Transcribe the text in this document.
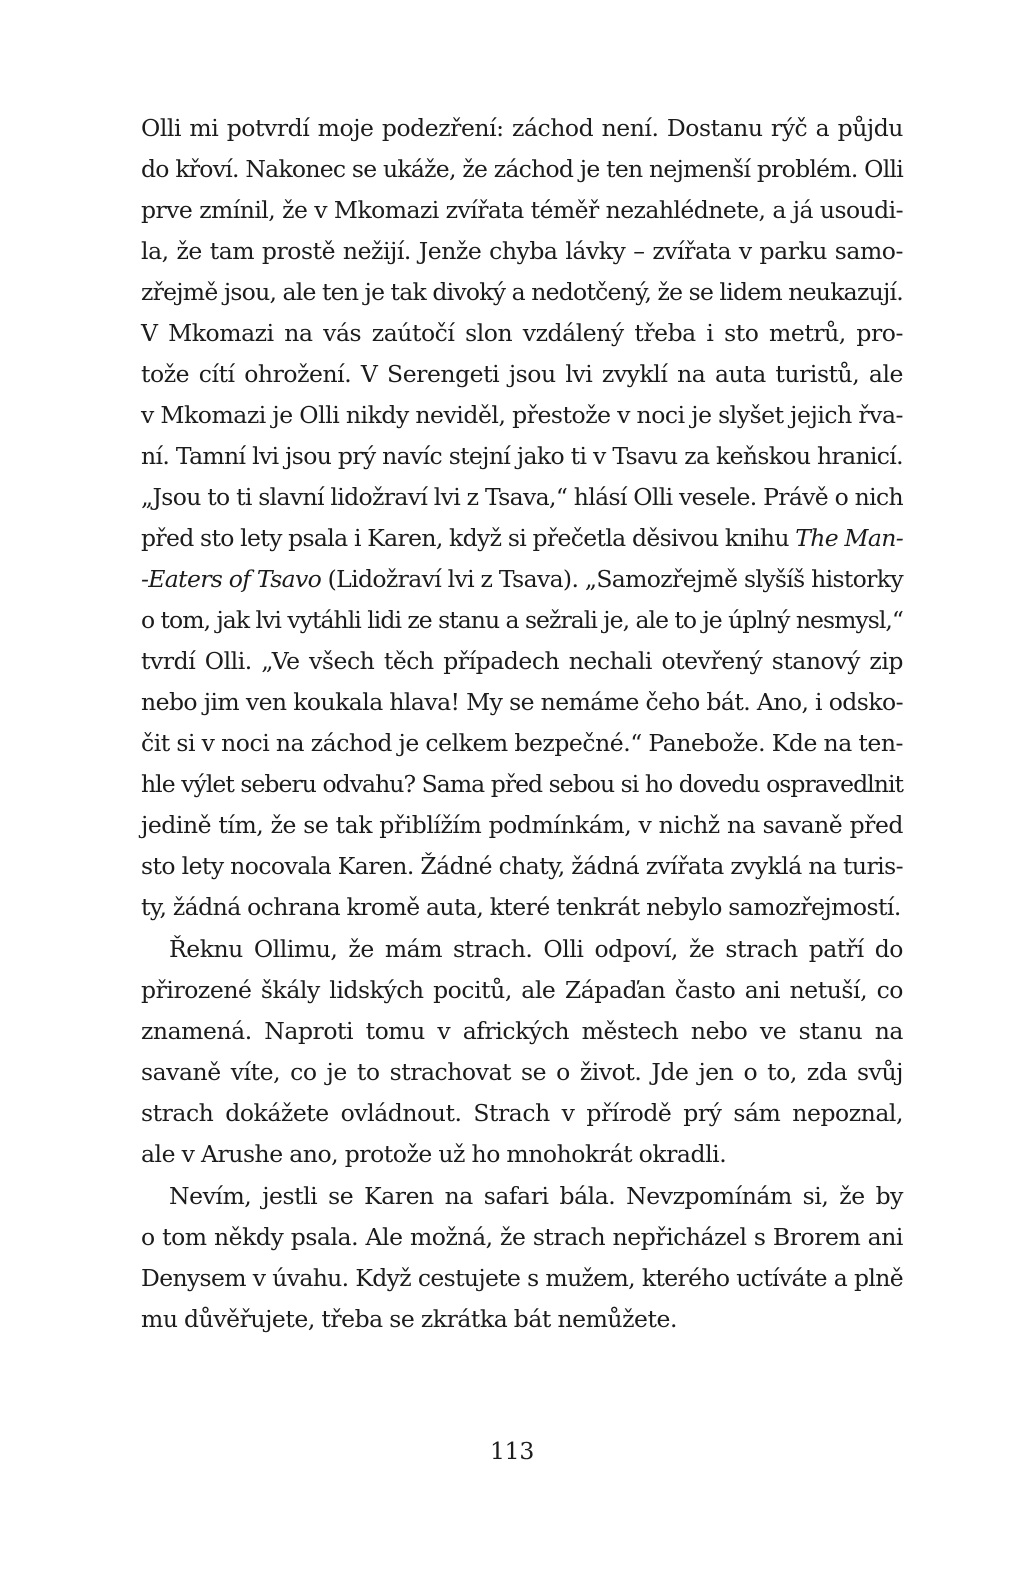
Olli mi potvrdí moje podezření: záchod není. Dostanu rýč a půjdu
do křoví. Nakonec se ukáže, že záchod je ten nejmenší problém. Olli
prve zmínil, že v Mkomazi zvířata téměř nezahlédnete, a já usoudi-
la, že tam prostě nežijí. Jenže chyba lávky – zvířata v parku samo-
zřejmě jsou, ale ten je tak divoký a nedotčený, že se lidem neukazují.
V Mkomazi na vás zaútočí slon vzdálený třeba i sto metrů, pro-
tože cítí ohrožení. V Serengeti jsou lvi zvyklí na auta turistů, ale
v Mkomazi je Olli nikdy neviděl, přestože v noci je slyšet jejich řva-
ní. Tamní lvi jsou prý navíc stejní jako ti v Tsavu za keňskou hranicí.
„Jsou to ti slavní lidožraví lvi z Tsava,“ hlásí Olli vesele. Právě o nich
před sto lety psala i Karen, když si přečetla děsivou knihu The Man-
-Eaters of Tsavo (Lidožraví lvi z Tsava). „Samozřejmě slyšíš historky
o tom, jak lvi vytáhli lidi ze stanu a sežrali je, ale to je úplný nesmysl,“
tvrdí Olli. „Ve všech těch případech nechali otevřený stanový zip
nebo jim ven koukala hlava! My se nemáme čeho bát. Ano, i odsko-
čit si v noci na záchod je celkem bezpečné.“ Panebože. Kde na ten-
hle výlet seberu odvahu? Sama před sebou si ho dovedu ospravedlnit
jedině tím, že se tak přiblížím podmínkám, v nichž na savaně před
sto lety nocovala Karen. Žádné chaty, žádná zvířata zvyklá na turis-
ty, žádná ochrana kromě auta, které tenkrát nebylo samozřejmostí.

Řeknu Ollimu, že mám strach. Olli odpoví, že strach patří do
přirozené škály lidských pocitů, ale Zápaďan často ani netuší, co
znamená. Naproti tomu v afrických městech nebo ve stanu na
savaně víte, co je to strachovat se o život. Jde jen o to, zda svůj
strach dokážete ovládnout. Strach v přírodě prý sám nepoznal,
ale v Arushe ano, protože už ho mnohokrát okradli.

Nevím, jestli se Karen na safari bála. Nevzpomínám si, že by
o tom někdy psala. Ale možná, že strach nepřicházel s Brorem ani
Denysem v úvahu. Když cestujete s mužem, kterého uctíváte a plně
mu důvěřujete, třeba se zkrátka bát nemůžete.

113
